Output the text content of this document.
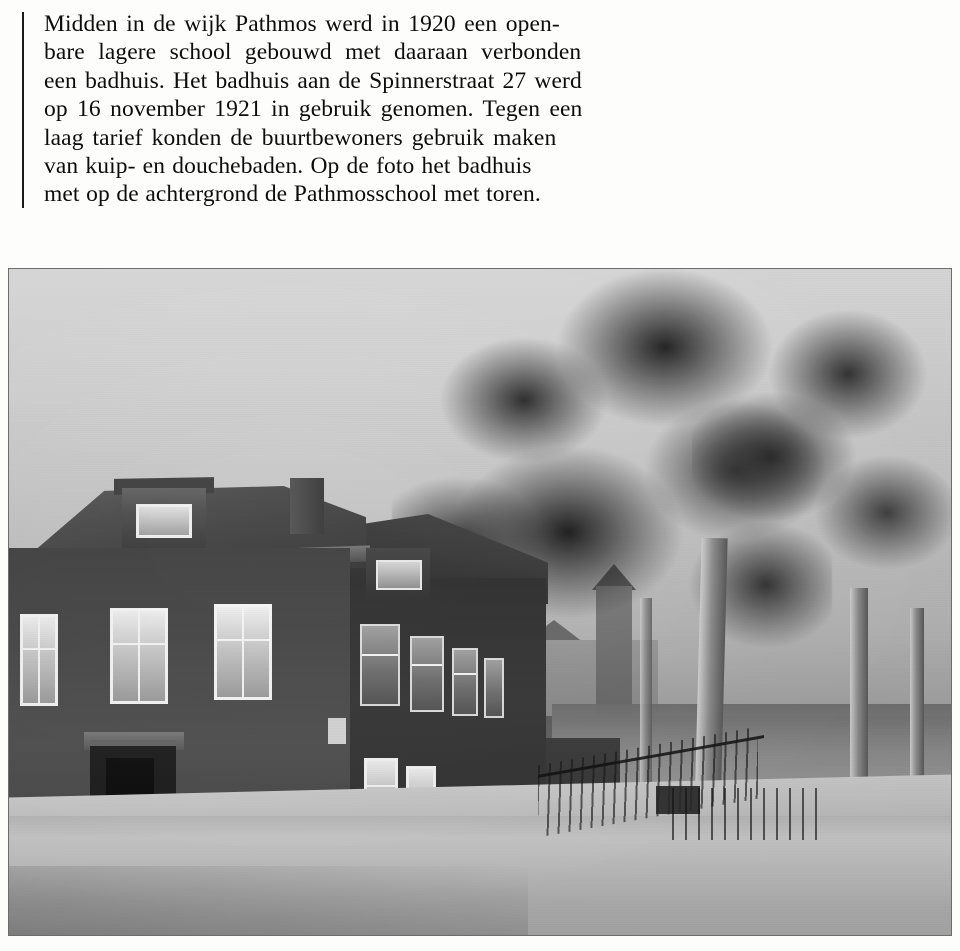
Midden in de wijk Pathmos werd in 1920 een open-
bare lagere school gebouwd met daaraan verbonden
een badhuis. Het badhuis aan de Spinnerstraat 27 werd
op 16 november 1921 in gebruik genomen. Tegen een
laag tarief konden de buurtbewoners gebruik maken
van kuip- en douchebaden. Op de foto het badhuis
met op de achtergrond de Pathmosschool met toren.
